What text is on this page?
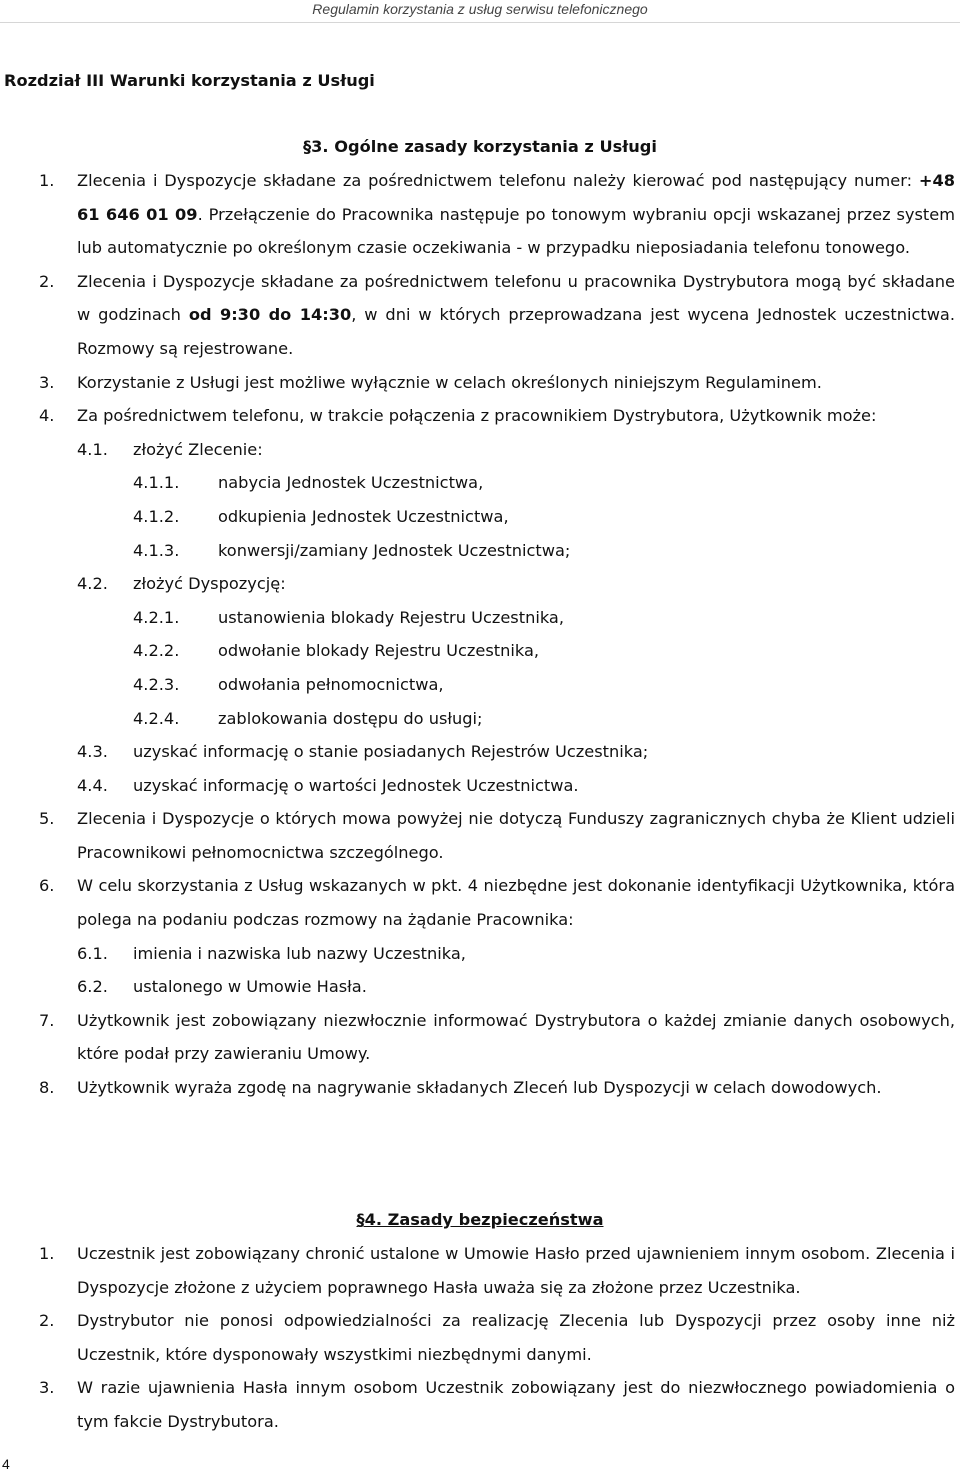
Regulamin korzystania z usług serwisu telefonicznego
Rozdział III Warunki korzystania z Usługi
§3. Ogólne zasady korzystania z Usługi
1. Zlecenia i Dyspozycje składane za pośrednictwem telefonu należy kierować pod następujący numer: +48 61 646 01 09. Przełączenie do Pracownika następuje po tonowym wybraniu opcji wskazanej przez system lub automatycznie po określonym czasie oczekiwania - w przypadku nieposiadania telefonu tonowego.
2. Zlecenia i Dyspozycje składane za pośrednictwem telefonu u pracownika Dystrybutora mogą być składane w godzinach od 9:30 do 14:30, w dni w których przeprowadzana jest wycena Jednostek uczestnictwa. Rozmowy są rejestrowane.
3. Korzystanie z Usługi jest możliwe wyłącznie w celach określonych niniejszym Regulaminem.
4. Za pośrednictwem telefonu, w trakcie połączenia z pracownikiem Dystrybutora, Użytkownik może:
4.1. złożyć Zlecenie:
4.1.1. nabycia Jednostek Uczestnictwa,
4.1.2. odkupienia Jednostek Uczestnictwa,
4.1.3. konwersji/zamiany Jednostek Uczestnictwa;
4.2. złożyć Dyspozycję:
4.2.1. ustanowienia blokady Rejestru Uczestnika,
4.2.2. odwołanie blokady Rejestru Uczestnika,
4.2.3. odwołania pełnomocnictwa,
4.2.4. zablokowania dostępu do usługi;
4.3. uzyskać informację o stanie posiadanych Rejestrów Uczestnika;
4.4. uzyskać informację o wartości Jednostek Uczestnictwa.
5. Zlecenia i Dyspozycje o których mowa powyżej nie dotyczą Funduszy zagranicznych chyba że Klient udzieli Pracownikowi pełnomocnictwa szczególnego.
6. W celu skorzystania z Usług wskazanych w pkt. 4 niezbędne jest dokonanie identyfikacji Użytkownika, która polega na podaniu podczas rozmowy na żądanie Pracownika:
6.1. imienia i nazwiska lub nazwy Uczestnika,
6.2. ustalonego w Umowie Hasła.
7. Użytkownik jest zobowiązany niezwłocznie informować Dystrybutora o każdej zmianie danych osobowych, które podał przy zawieraniu Umowy.
8. Użytkownik wyraża zgodę na nagrywanie składanych Zleceń lub Dyspozycji w celach dowodowych.
§4. Zasady bezpieczeństwa
1. Uczestnik jest zobowiązany chronić ustalone w Umowie Hasło przed ujawnieniem innym osobom. Zlecenia i Dyspozycje złożone z użyciem poprawnego Hasła uważa się za złożone przez Uczestnika.
2. Dystrybutor nie ponosi odpowiedzialności za realizację Zlecenia lub Dyspozycji przez osoby inne niż Uczestnik, które dysponowały wszystkimi niezbędnymi danymi.
3. W razie ujawnienia Hasła innym osobom Uczestnik zobowiązany jest do niezwłocznego powiadomienia o tym fakcie Dystrybutora.
4
